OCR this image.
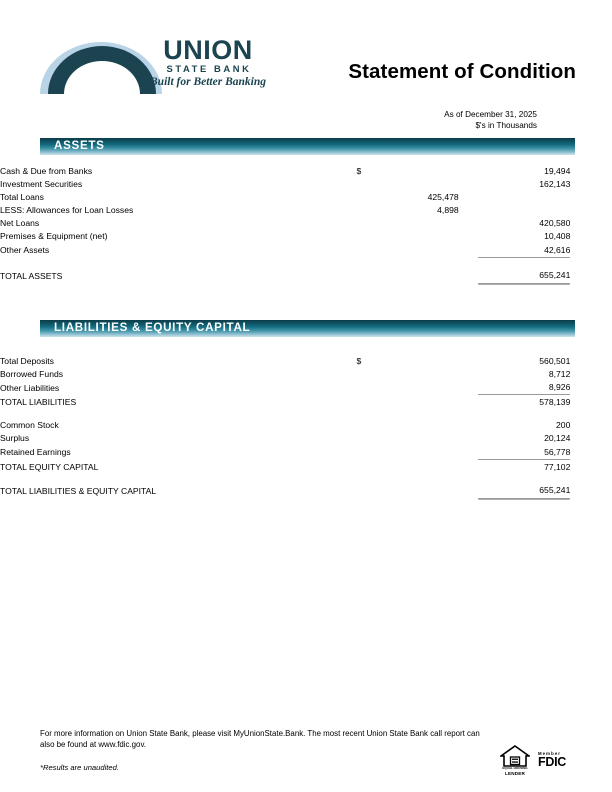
UNION
STATE BANK
Built for Better Banking	Statement of Condition
As of December 31, 2025
$'s in Thousands
ASSETS
Cash & Due from Banks	$			19,494	
Investment Securities				162,143	
Total Loans		425,478			
LESS: Allowances for Loan Losses		4,898			
Net Loans				420,580	
Premises & Equipment (net)				10,408	
Other Assets				42,616	

TOTAL ASSETS				655,241	
LIABILITIES & EQUITY CAPITAL
Total Deposits	$			560,501	
Borrowed Funds				8,712	
Other Liabilities				8,926	
TOTAL LIABILITIES				578,139	

Common Stock				200	
Surplus				20,124	
Retained Earnings				56,778	
TOTAL EQUITY CAPITAL				77,102	

TOTAL LIABILITIES & EQUITY CAPITAL				655,241	
For more information on Union State Bank, please visit MyUnionState.Bank. The most recent Union State Bank call report can also be found at www.fdic.gov.
*Results are unaudited.	EQUAL HOUSING
LENDER
Member
FDIC
